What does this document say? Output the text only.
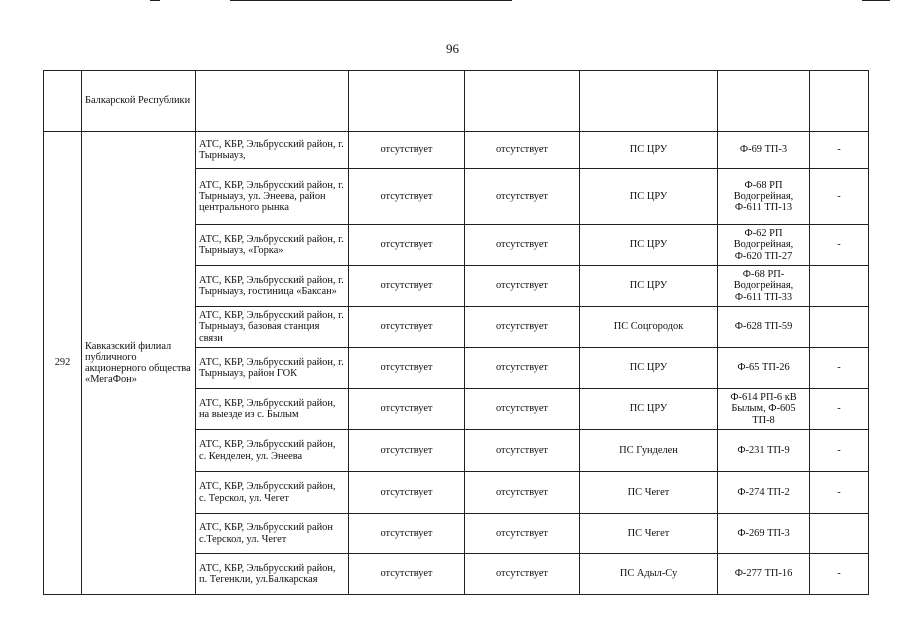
96
	Балкарской Республики						
292	Кавказский филиал публичного акционерного общества «МегаФон»	АТС, КБР, Эльбрусский район, г. Тырныауз,	отсутствует	отсутствует	ПС ЦРУ	Ф-69 ТП-3	-
		АТС, КБР, Эльбрусский район, г. Тырныауз, ул. Энеева, район центрального рынка	отсутствует	отсутствует	ПС ЦРУ	Ф-68 РП Водогрейная, Ф-611 ТП-13	-
		АТС, КБР, Эльбрусский район, г. Тырныауз, «Горка»	отсутствует	отсутствует	ПС ЦРУ	Ф-62 РП Водогрейная, Ф-620 ТП-27	-
		АТС, КБР, Эльбрусский район, г. Тырныауз, гостиница «Баксан»	отсутствует	отсутствует	ПС ЦРУ	Ф-68 РП-Водогрейная, Ф-611 ТП-33	
		АТС, КБР, Эльбрусский район, г. Тырныауз, базовая станция связи	отсутствует	отсутствует	ПС Соцгородок	Ф-628 ТП-59	
		АТС, КБР, Эльбрусский район, г. Тырныауз, район ГОК	отсутствует	отсутствует	ПС ЦРУ	Ф-65 ТП-26	-
		АТС, КБР, Эльбрусский район, на выезде из с. Былым	отсутствует	отсутствует	ПС ЦРУ	Ф-614 РП-6 кВ Былым, Ф-605 ТП-8	-
		АТС, КБР, Эльбрусский район, с. Кенделен, ул. Энеева	отсутствует	отсутствует	ПС Гунделен	Ф-231 ТП-9	-
		АТС, КБР, Эльбрусский район, с. Терскол, ул. Чегет	отсутствует	отсутствует	ПС Чегет	Ф-274 ТП-2	-
		АТС, КБР, Эльбрусский район с.Терскол, ул. Чегет	отсутствует	отсутствует	ПС Чегет	Ф-269 ТП-3	
		АТС, КБР, Эльбрусский район, п. Тегенкли, ул.Балкарская	отсутствует	отсутствует	ПС Адыл-Су	Ф-277 ТП-16	-
